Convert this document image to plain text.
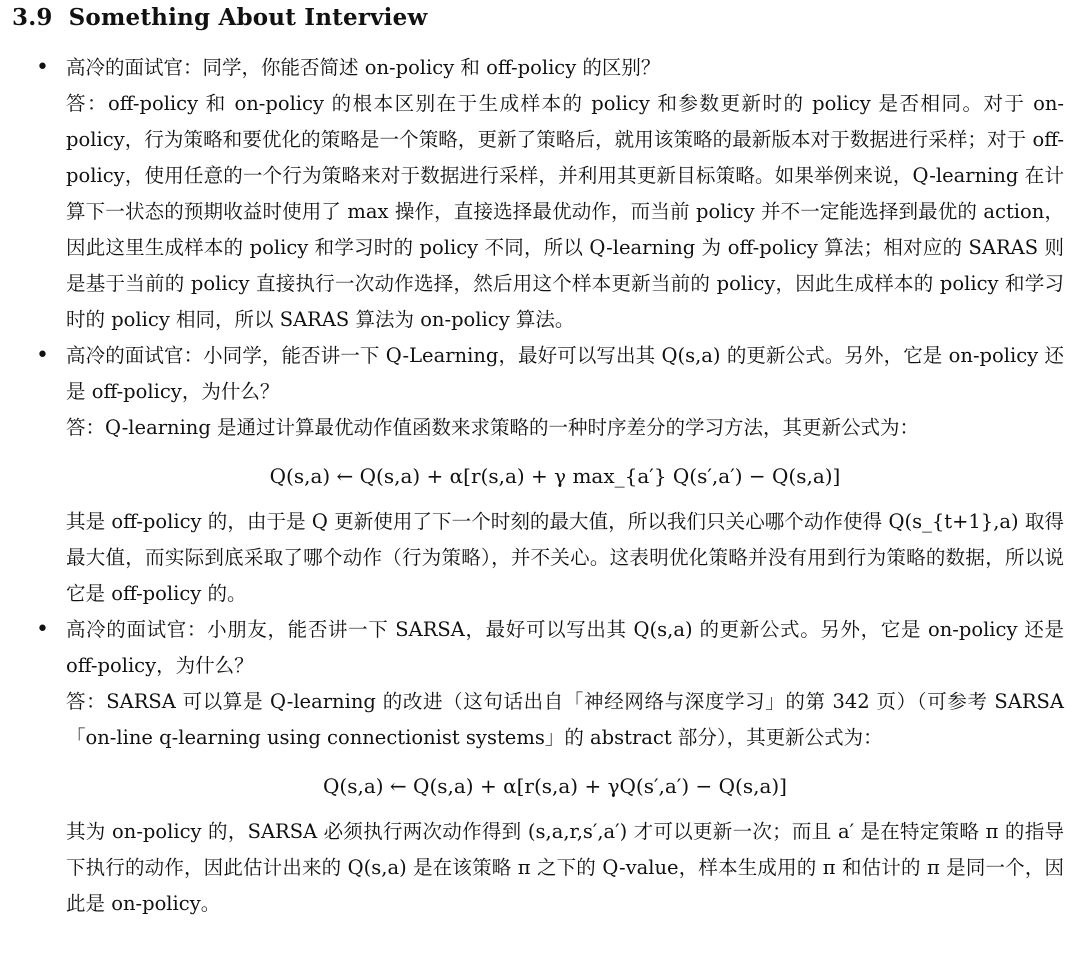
3.9 Something About Interview
• 高冷的面试官：同学，你能否简述 on-policy 和 off-policy 的区别？

答：off-policy 和 on-policy 的根本区别在于生成样本的 policy 和参数更新时的 policy 是否相同。对于 on-policy，行为策略和要优化的策略是一个策略，更新了策略后，就用该策略的最新版本对于数据进行采样；对于 off-policy，使用任意的一个行为策略来对于数据进行采样，并利用其更新目标策略。如果举例来说，Q-learning 在计算下一状态的预期收益时使用了 max 操作，直接选择最优动作，而当前 policy 并不一定能选择到最优的 action，因此这里生成样本的 policy 和学习时的 policy 不同，所以 Q-learning 为 off-policy 算法；相对应的 SARAS 则是基于当前的 policy 直接执行一次动作选择，然后用这个样本更新当前的 policy，因此生成样本的 policy 和学习时的 policy 相同，所以 SARAS 算法为 on-policy 算法。

• 高冷的面试官：小同学，能否讲一下 Q-Learning，最好可以写出其 Q(s,a) 的更新公式。另外，它是 on-policy 还是 off-policy，为什么？

答：Q-learning 是通过计算最优动作值函数来求策略的一种时序差分的学习方法，其更新公式为：

Q(s,a) ← Q(s,a) + α[r(s,a) + γ max_{a′} Q(s′,a′) − Q(s,a)]

其是 off-policy 的，由于是 Q 更新使用了下一个时刻的最大值，所以我们只关心哪个动作使得 Q(s_{t+1},a) 取得最大值，而实际到底采取了哪个动作（行为策略），并不关心。这表明优化策略并没有用到行为策略的数据，所以说它是 off-policy 的。

• 高冷的面试官：小朋友，能否讲一下 SARSA，最好可以写出其 Q(s,a) 的更新公式。另外，它是 on-policy 还是 off-policy，为什么？

答：SARSA 可以算是 Q-learning 的改进（这句话出自「神经网络与深度学习」的第 342 页）（可参考 SARSA「on-line q-learning using connectionist systems」的 abstract 部分），其更新公式为：

Q(s,a) ← Q(s,a) + α[r(s,a) + γQ(s′,a′) − Q(s,a)]

其为 on-policy 的，SARSA 必须执行两次动作得到 (s,a,r,s′,a′) 才可以更新一次；而且 a′ 是在特定策略 π 的指导下执行的动作，因此估计出来的 Q(s,a) 是在该策略 π 之下的 Q-value，样本生成用的 π 和估计的 π 是同一个，因此是 on-policy。
